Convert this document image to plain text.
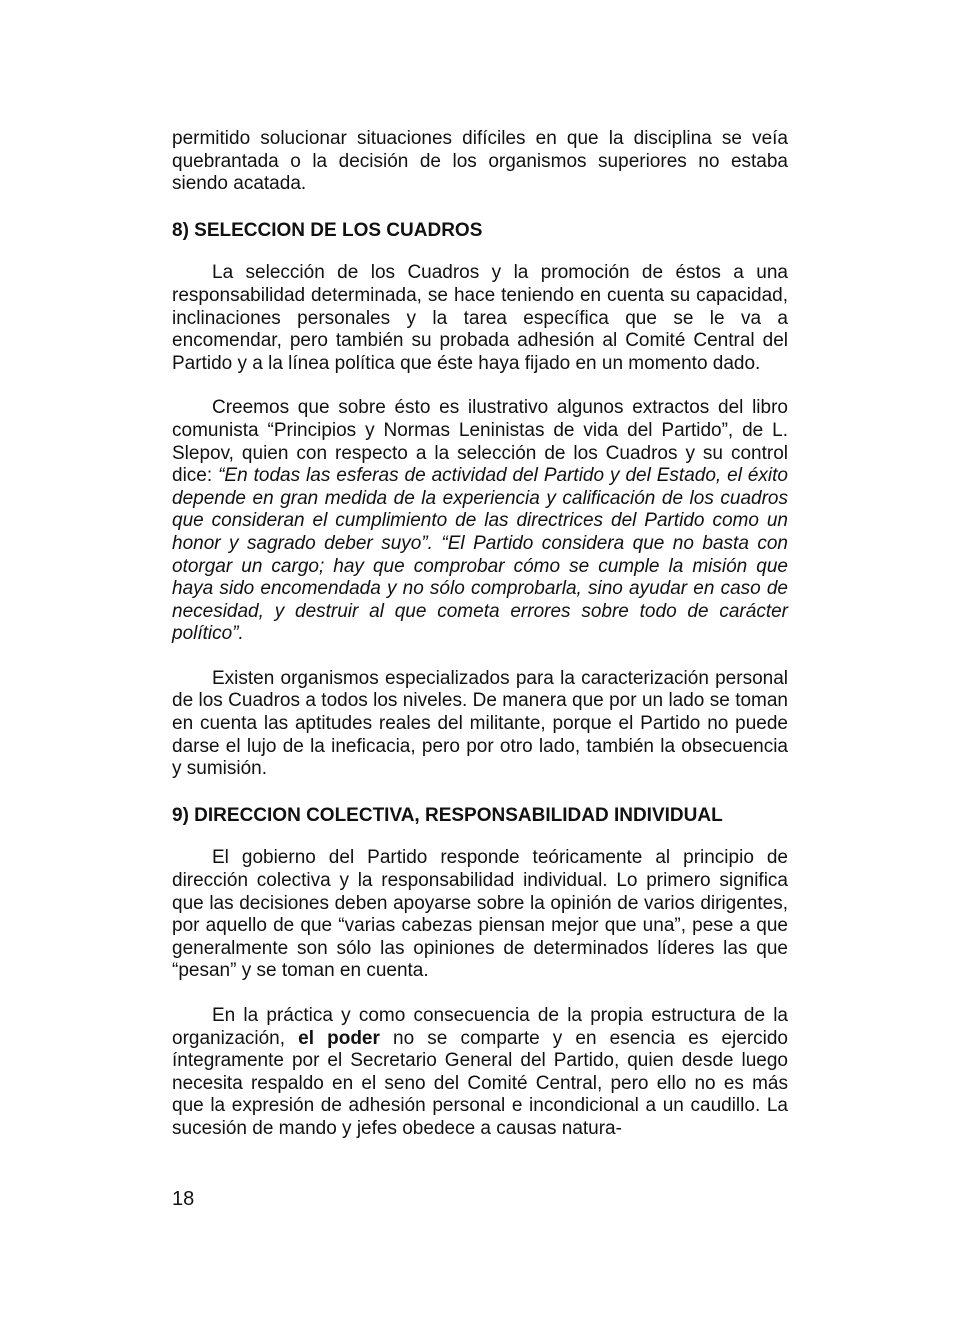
permitido solucionar situaciones difíciles en que la disciplina se veía quebrantada o la decisión de los organismos superiores no estaba siendo acatada.

8) SELECCION DE LOS CUADROS

La selección de los Cuadros y la promoción de éstos a una responsabilidad determinada, se hace teniendo en cuenta su capacidad, inclinaciones personales y la tarea específica que se le va a encomendar, pero también su probada adhesión al Comité Central del Partido y a la línea política que éste haya fijado en un momento dado.

Creemos que sobre ésto es ilustrativo algunos extractos del libro comunista “Principios y Normas Leninistas de vida del Partido”, de L. Slepov, quien con respecto a la selección de los Cuadros y su control dice: “En todas las esferas de actividad del Partido y del Estado, el éxito depende en gran medida de la experiencia y calificación de los cuadros que consideran el cumplimiento de las directrices del Partido como un honor y sagrado deber suyo”. “El Partido considera que no basta con otorgar un cargo; hay que comprobar cómo se cumple la misión que haya sido encomendada y no sólo comprobarla, sino ayudar en caso de necesidad, y destruir al que cometa errores sobre todo de carácter político”.

Existen organismos especializados para la caracterización personal de los Cuadros a todos los niveles. De manera que por un lado se toman en cuenta las aptitudes reales del militante, porque el Partido no puede darse el lujo de la ineficacia, pero por otro lado, también la obsecuencia y sumisión.

9) DIRECCION COLECTIVA, RESPONSABILIDAD INDIVIDUAL

El gobierno del Partido responde teóricamente al principio de dirección colectiva y la responsabilidad individual. Lo primero significa que las decisiones deben apoyarse sobre la opinión de varios dirigentes, por aquello de que “varias cabezas piensan mejor que una”, pese a que generalmente son sólo las opiniones de determinados líderes las que “pesan” y se toman en cuenta.

En la práctica y como consecuencia de la propia estructura de la organización, el poder no se comparte y en esencia es ejercido íntegramente por el Secretario General del Partido, quien desde luego necesita respaldo en el seno del Comité Central, pero ello no es más que la expresión de adhesión personal e incondicional a un caudillo. La sucesión de mando y jefes obedece a causas natura-

18
